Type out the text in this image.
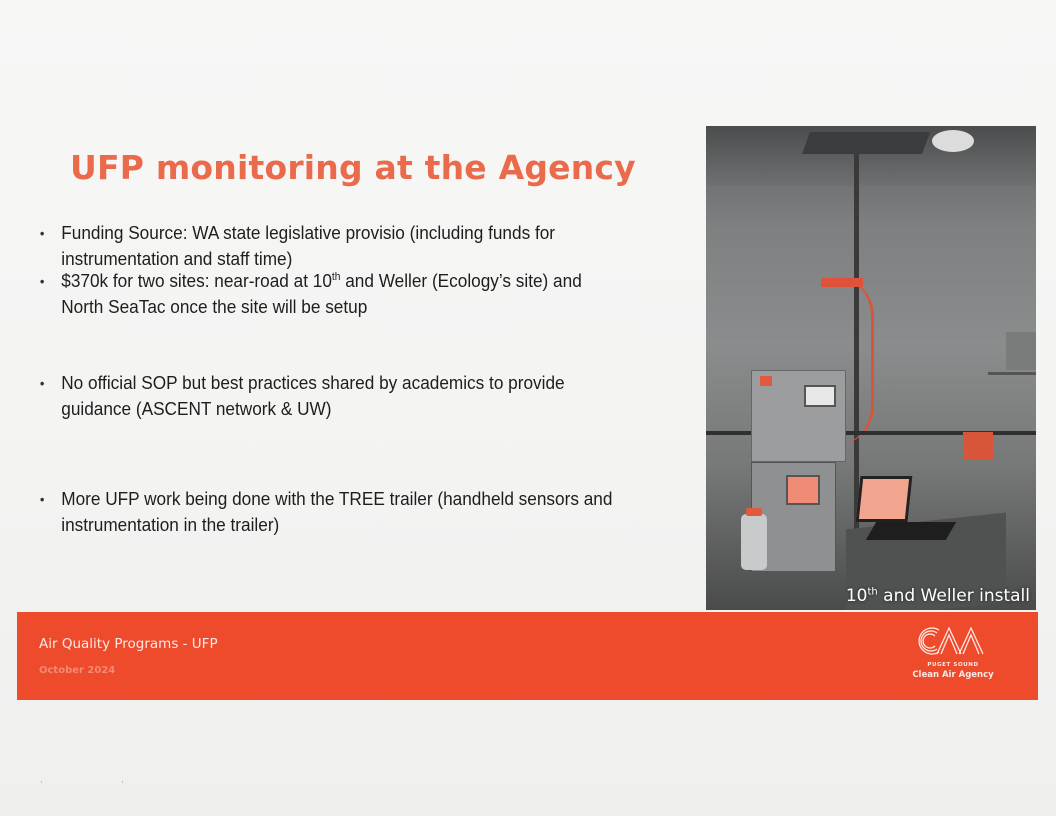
UFP monitoring at the Agency
• Funding Source: WA state legislative provisio (including funds for
instrumentation and staff time)
• $370k for two sites: near-road at 10th and Weller (Ecology’s site) and
North SeaTac once the site will be setup
• No official SOP but best practices shared by academics to provide
guidance (ASCENT network & UW)
• More UFP work being done with the TREE trailer (handheld sensors and
instrumentation in the trailer)
10th and Weller install
Air Quality Programs - UFP
October 2024	PUGET SOUND
Clean Air Agency
· ·
